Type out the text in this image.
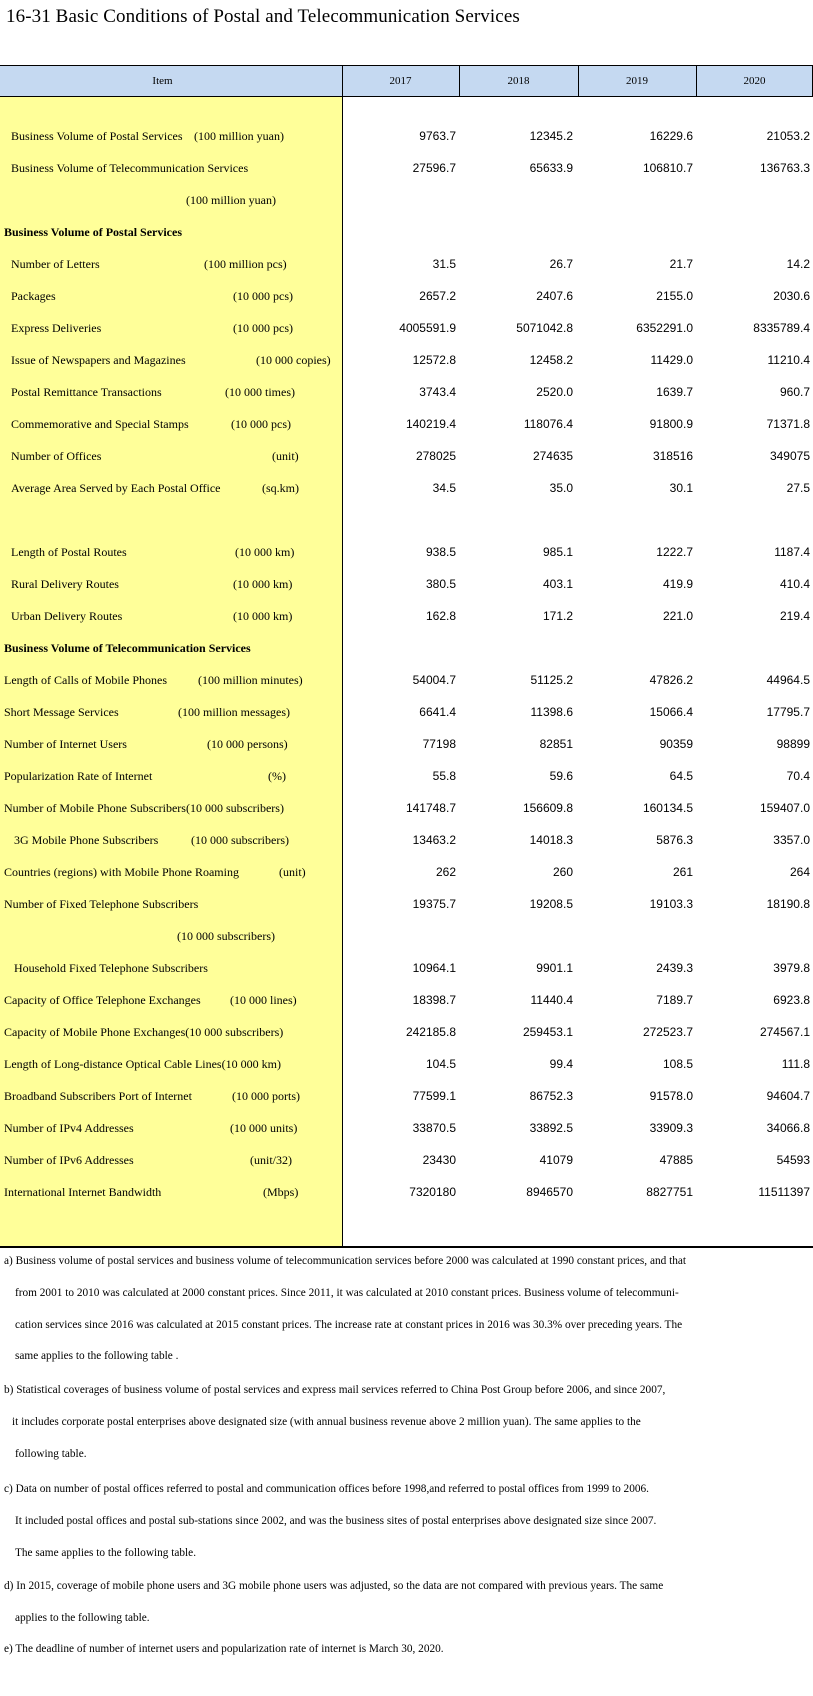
16-31 Basic Conditions of Postal and Telecommunication Services
Item	2017	2018	2019	2020
Business Volume of Postal Services (100 million yuan)	9763.7	12345.2	16229.6	21053.2
Business Volume of Telecommunication Services	27596.7	65633.9	106810.7	136763.3
(100 million yuan)
Business Volume of Postal Services
Number of Letters	(100 million pcs)	31.5	26.7	21.7	14.2
Packages	(10 000 pcs)	2657.2	2407.6	2155.0	2030.6
Express Deliveries	(10 000 pcs)	4005591.9	5071042.8	6352291.0	8335789.4
Issue of Newspapers and Magazines	(10 000 copies)	12572.8	12458.2	11429.0	11210.4
Postal Remittance Transactions	(10 000 times)	3743.4	2520.0	1639.7	960.7
Commemorative and Special Stamps	(10 000 pcs)	140219.4	118076.4	91800.9	71371.8
Number of Offices	(unit)	278025	274635	318516	349075
Average Area Served by Each Postal Office	(sq.km)	34.5	35.0	30.1	27.5
Length of Postal Routes	(10 000 km)	938.5	985.1	1222.7	1187.4
Rural Delivery Routes	(10 000 km)	380.5	403.1	419.9	410.4
Urban Delivery Routes	(10 000 km)	162.8	171.2	221.0	219.4
Business Volume of Telecommunication Services
Length of Calls of Mobile Phones	(100 million minutes)	54004.7	51125.2	47826.2	44964.5
Short Message Services	(100 million messages)	6641.4	11398.6	15066.4	17795.7
Number of Internet Users	(10 000 persons)	77198	82851	90359	98899
Popularization Rate of Internet	(%)	55.8	59.6	64.5	70.4
Number of Mobile Phone Subscribers(10 000 subscribers)	141748.7	156609.8	160134.5	159407.0
3G Mobile Phone Subscribers	(10 000 subscribers)	13463.2	14018.3	5876.3	3357.0
Countries (regions) with Mobile Phone Roaming	(unit)	262	260	261	264
Number of Fixed Telephone Subscribers	19375.7	19208.5	19103.3	18190.8
(10 000 subscribers)
Household Fixed Telephone Subscribers	10964.1	9901.1	2439.3	3979.8
Capacity of Office Telephone Exchanges (10 000 lines)	18398.7	11440.4	7189.7	6923.8
Capacity of Mobile Phone Exchanges(10 000 subscribers)	242185.8	259453.1	272523.7	274567.1
Length of Long-distance Optical Cable Lines(10 000 km)	104.5	99.4	108.5	111.8
Broadband Subscribers Port of Internet	(10 000 ports)	77599.1	86752.3	91578.0	94604.7
Number of IPv4 Addresses	(10 000 units)	33870.5	33892.5	33909.3	34066.8
Number of IPv6 Addresses	(unit/32)	23430	41079	47885	54593
International Internet Bandwidth	(Mbps)	7320180	8946570	8827751	11511397
a) Business volume of postal services and business volume of telecommunication services before 2000 was calculated at 1990 constant prices, and that
from 2001 to 2010 was calculated at 2000 constant prices. Since 2011, it was calculated at 2010 constant prices. Business volume of telecommuni-
cation services since 2016 was calculated at 2015 constant prices. The increase rate at constant prices in 2016 was 30.3% over preceding years. The
same applies to the following table .
b) Statistical coverages of business volume of postal services and express mail services referred to China Post Group before 2006, and since 2007,
it includes corporate postal enterprises above designated size (with annual business revenue above 2 million yuan). The same applies to the
following table.
c) Data on number of postal offices referred to postal and communication offices before 1998,and referred to postal offices from 1999 to 2006.
It included postal offices and postal sub-stations since 2002, and was the business sites of postal enterprises above designated size since 2007.
The same applies to the following table.
d) In 2015, coverage of mobile phone users and 3G mobile phone users was adjusted, so the data are not compared with previous years. The same
applies to the following table.
e) The deadline of number of internet users and popularization rate of internet is March 30, 2020.
